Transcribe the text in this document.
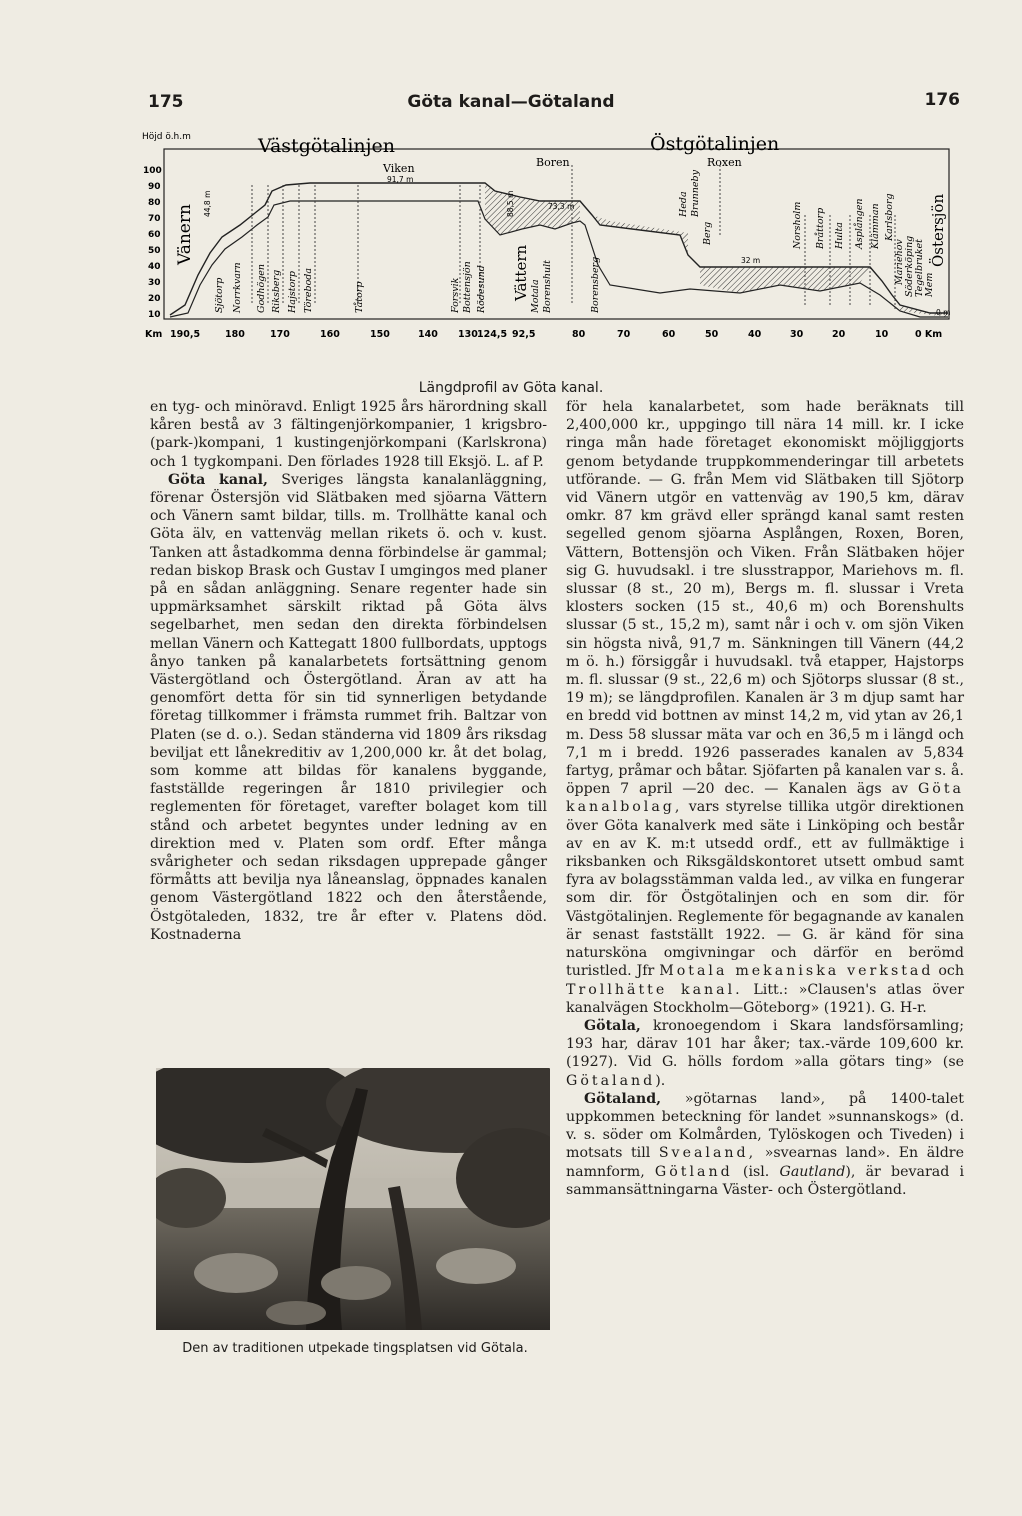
175	Göta kanal—Götaland	176
Höjd ö.h.m
100
90
80
70
60
50
40
30
20
10
Västgötalinjen	Östgötalinjen
Vänern
Viken	Boren	Roxen
Vättern
Östersjön
44,8 m
91,7 m
88,5 m	73,3 m
32 m
0 m
Sjötorp Norrkvarn Godhögen Riksberg Hajstorp Töreboda	Tåtorp	Forsvik Bottensjön Rödesund	Motala Borenshult	Borensberg
Heda Brunneby
Berg	Norsholm Bråttorp Hulta Asplången Klämman Karlsborg
Mariehov Söderköping Tegelbruket Mem
Km 190,5	180	170	160	150	140 130 124,5 92,5	80	70	60	50	40	30	20	10	0 Km
Längdprofil av Göta kanal.

en tyg- och minöravd. Enligt 1925 års härordning skall kåren bestå av 3 fältingenjörkompanier, 1 krigsbro-(park-)kompani, 1 kustingenjörkompani (Karlskrona) och 1 tygkompani. Den förlades 1928 till Eksjö. L. af P.

Göta kanal, Sveriges längsta kanalanläggning, förenar Östersjön vid Slätbaken med sjöarna Vättern och Vänern samt bildar, tills. m. Trollhätte kanal och Göta älv, en vattenväg mellan rikets ö. och v. kust. Tanken att åstadkomma denna förbindelse är gammal; redan biskop Brask och Gustav I umgingos med planer på en sådan anläggning. Senare regenter hade sin uppmärksamhet särskilt riktad på Göta älvs segelbarhet, men sedan den direkta förbindelsen mellan Vänern och Kattegatt 1800 fullbordats, upptogs ånyo tanken på kanalarbetets fortsättning genom Västergötland och Östergötland. Äran av att ha genomfört detta för sin tid synnerligen betydande företag tillkommer i främsta rummet frih. Baltzar von Platen (se d. o.). Sedan ständerna vid 1809 års riksdag beviljat ett lånekreditiv av 1,200,000 kr. åt det bolag, som komme att bildas för kanalens byggande, fastställde regeringen år 1810 privilegier och reglementen för företaget, varefter bolaget kom till stånd och arbetet begyntes under ledning av en direktion med v. Platen som ordf. Efter många svårigheter och sedan riksdagen upprepade gånger förmåtts att bevilja nya låneanslag, öppnades kanalen genom Västergötland 1822 och den återstående, Östgötaleden, 1832, tre år efter v. Platens död. Kostnaderna

Den av traditionen utpekade tingsplatsen vid Götala.

för hela kanalarbetet, som hade beräknats till 2,400,000 kr., uppgingo till nära 14 mill. kr. I icke ringa mån hade företaget ekonomiskt möjliggjorts genom betydande truppkommenderingar till arbetets utförande. — G. från Mem vid Slätbaken till Sjötorp vid Vänern utgör en vattenväg av 190,5 km, därav omkr. 87 km grävd eller sprängd kanal samt resten segelled genom sjöarna Asplången, Roxen, Boren, Vättern, Bottensjön och Viken. Från Slätbaken höjer sig G. huvudsakl. i tre slusstrappor, Mariehovs m. fl. slussar (8 st., 20 m), Bergs m. fl. slussar i Vreta klosters socken (15 st., 40,6 m) och Borenshults slussar (5 st., 15,2 m), samt når i och v. om sjön Viken sin högsta nivå, 91,7 m. Sänkningen till Vänern (44,2 m ö. h.) försiggår i huvudsakl. två etapper, Hajstorps m. fl. slussar (9 st., 22,6 m) och Sjötorps slussar (8 st., 19 m); se längdprofilen. Kanalen är 3 m djup samt har en bredd vid bottnen av minst 14,2 m, vid ytan av 26,1 m. Dess 58 slussar mäta var och en 36,5 m i längd och 7,1 m i bredd. 1926 passerades kanalen av 5,834 fartyg, pråmar och båtar. Sjöfarten på kanalen var s. å. öppen 7 april —20 dec. — Kanalen ägs av Göta kanalbolag, vars styrelse tillika utgör direktionen över Göta kanalverk med säte i Linköping och består av en av K. m:t utsedd ordf., ett av fullmäktige i riksbanken och Riksgäldskontoret utsett ombud samt fyra av bolagsstämman valda led., av vilka en fungerar som dir. för Östgötalinjen och en som dir. för Västgötalinjen. Reglemente för begagnande av kanalen är senast fastställt 1922. — G. är känd för sina natursköna omgivningar och därför en berömd turistled. Jfr Motala mekaniska verkstad och Trollhätte kanal. Litt.: »Clausen's atlas över kanalvägen Stockholm—Göteborg» (1921). G. H-r.

Götala, kronoegendom i Skara landsförsamling; 193 har, därav 101 har åker; tax.-värde 109,600 kr. (1927). Vid G. hölls fordom »alla götars ting» (se Götaland).

Götaland, »götarnas land», på 1400-talet uppkommen beteckning för landet »sunnanskogs» (d. v. s. söder om Kolmården, Tylöskogen och Tiveden) i motsats till Svealand, »svearnas land». En äldre namnform, Götland (isl. Gautland), är bevarad i sammansättningarna Väster- och Östergötland.
